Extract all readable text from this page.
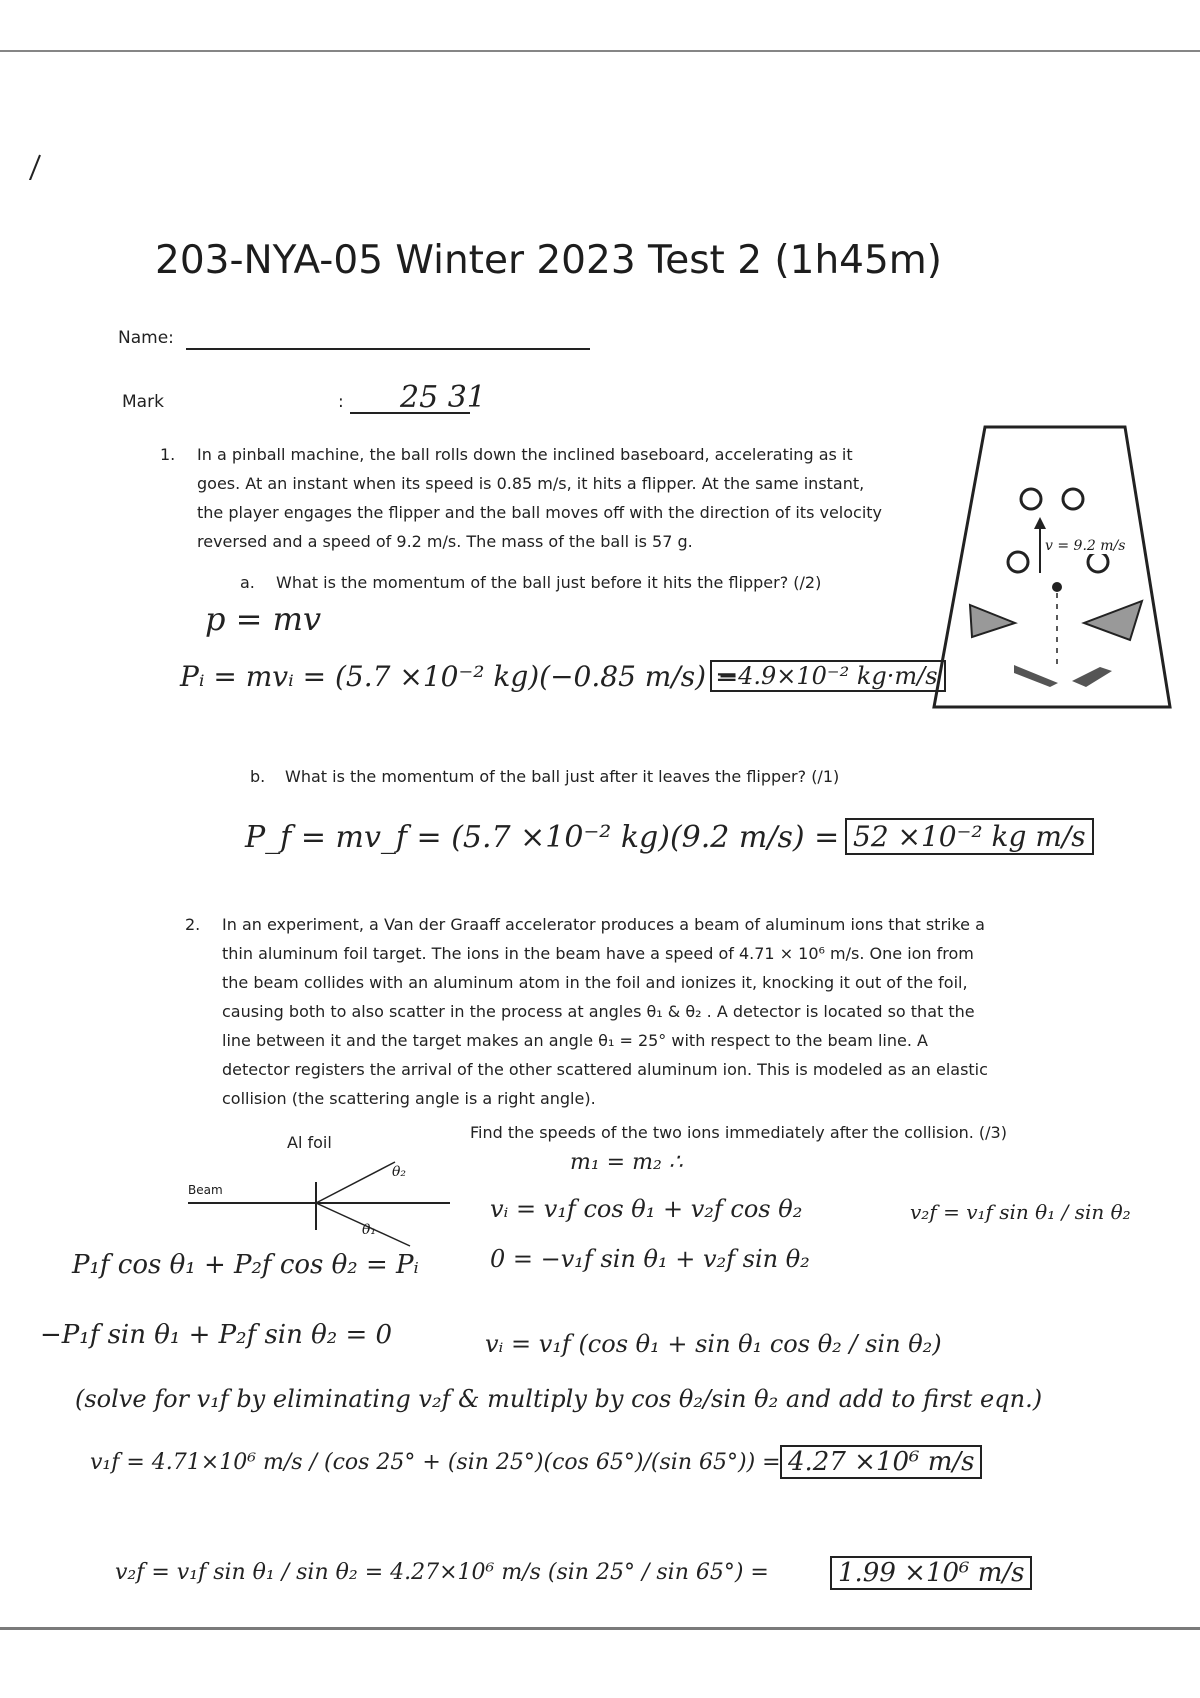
203-NYA-05 Winter 2023 Test 2 (1h45m)
Name:
Mark	: 25 31
1. In a pinball machine, the ball rolls down the inclined baseboard, accelerating as it
goes. At an instant when its speed is 0.85 m/s, it hits a flipper. At the same instant,
the player engages the flipper and the ball moves off with the direction of its velocity
reversed and a speed of 9.2 m/s. The mass of the ball is 57 g.
a. What is the momentum of the ball just before it hits the flipper? (/2)
p = mv
Pᵢ = mvᵢ = (5.7 ×10⁻² kg)(−0.85 m/s) =
−4.9×10⁻² kg·m/s
v = 9.2 m/s
b. What is the momentum of the ball just after it leaves the flipper? (/1)
P_f = mv_f = (5.7 ×10⁻² kg)(9.2 m/s) = 52 ×10⁻² kg m/s
2. In an experiment, a Van der Graaff accelerator produces a beam of aluminum ions that strike a
thin aluminum foil target. The ions in the beam have a speed of 4.71 × 10⁶ m/s. One ion from
the beam collides with an aluminum atom in the foil and ionizes it, knocking it out of the foil,
causing both to also scatter in the process at angles θ₁ & θ₂ . A detector is located so that the
line between it and the target makes an angle θ₁ = 25° with respect to the beam line. A
detector registers the arrival of the other scattered aluminum ion. This is modeled as an elastic
collision (the scattering angle is a right angle).
Al foil
Beam
θ₂
θ₁
Find the speeds of the two ions immediately after the collision. (/3)
m₁ = m₂ ∴
vᵢ = v₁f cos θ₁ + v₂f cos θ₂
0 = −v₁f sin θ₁ + v₂f sin θ₂
v₂f = v₁f sin θ₁ / sin θ₂
P₁f cos θ₁ + P₂f cos θ₂ = Pᵢ
−P₁f sin θ₁ + P₂f sin θ₂ = 0	vᵢ = v₁f (cos θ₁ + sin θ₁ cos θ₂ / sin θ₂)
(solve for v₁f by eliminating v₂f & multiply by cos θ₂/sin θ₂ and add to first eqn.)
v₁f = 4.71×10⁶ m/s / (cos 25° + (sin 25°)(cos 65°)/(sin 65°)) = 4.27 ×10⁶ m/s
v₂f = v₁f sin θ₁ / sin θ₂ = 4.27×10⁶ m/s (sin 25° / sin 65°) =	1.99 ×10⁶ m/s
